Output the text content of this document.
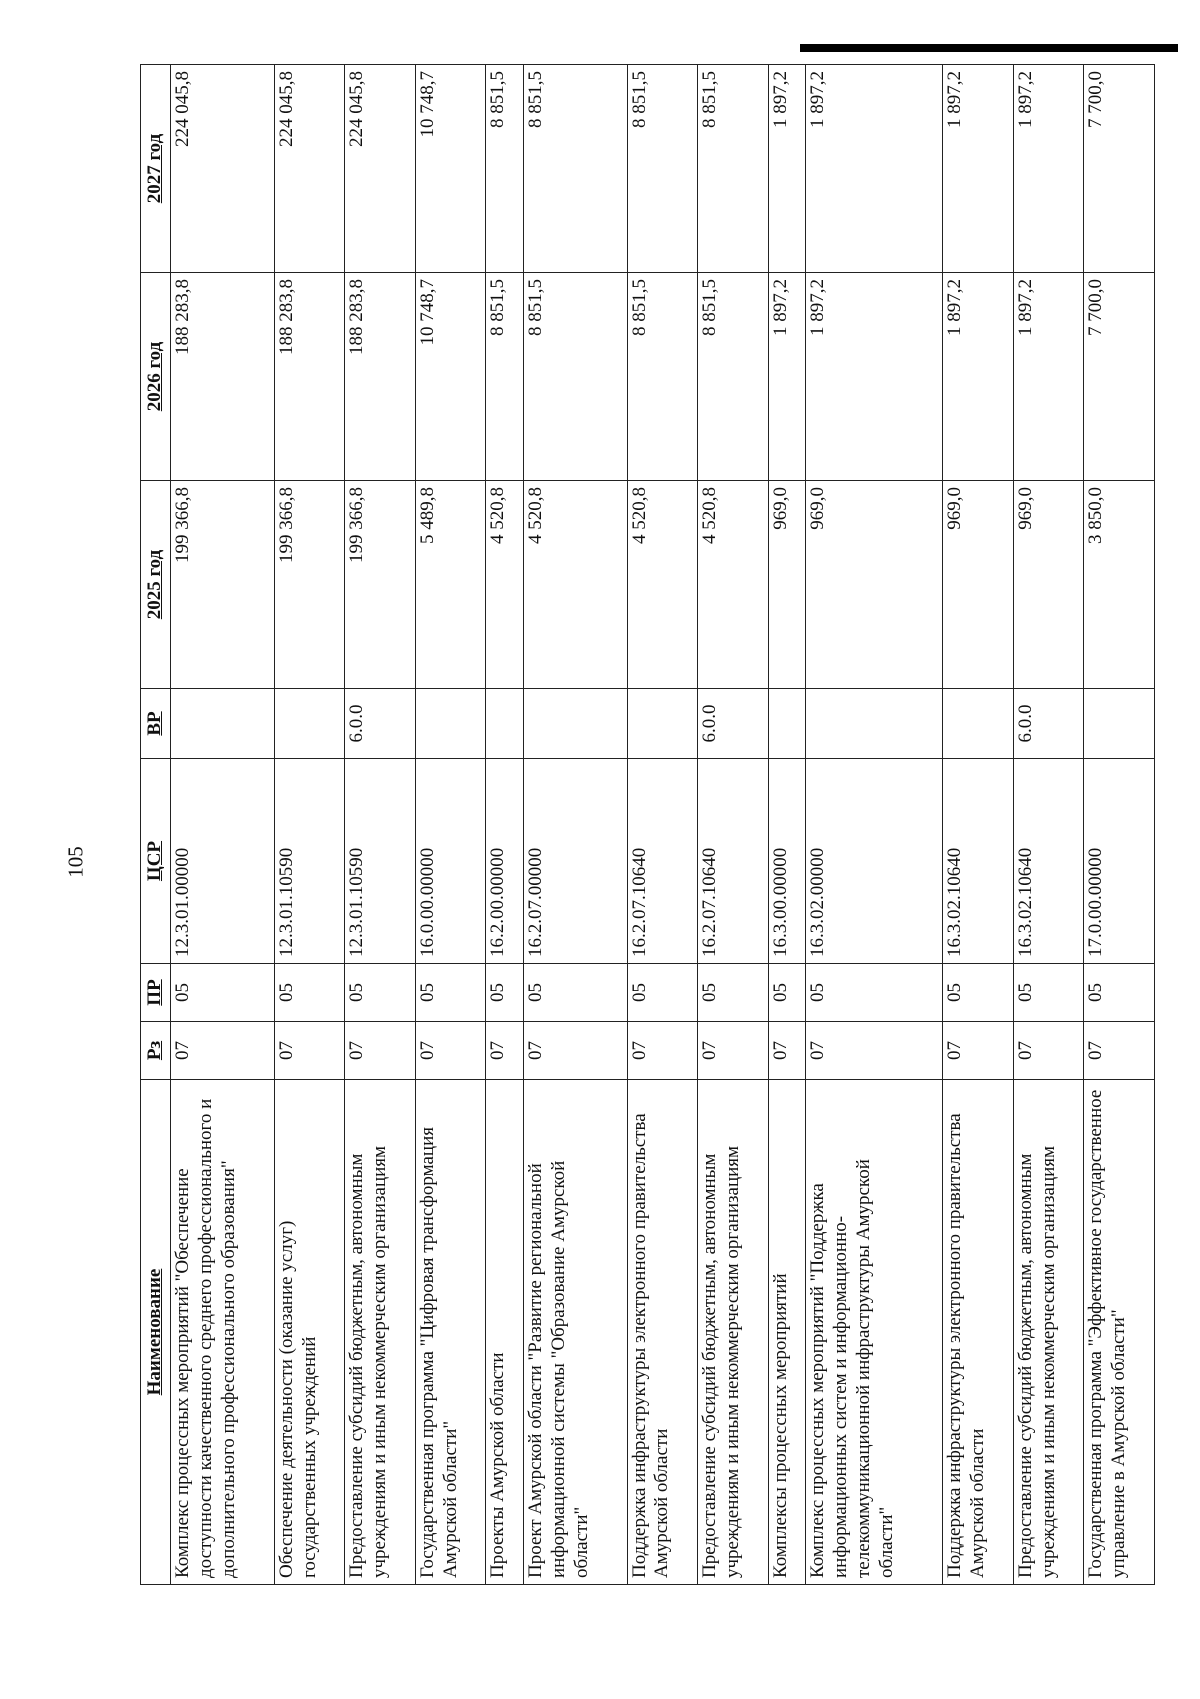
105
Наименование	Рз	ПР	ЦСР	ВР	2025 год	2026 год	2027 год
Комплекс процессных мероприятий "Обеспечение доступности качественного среднего профессионального и дополнительного профессионального образования"	07	05	12.3.01.00000		199 366,8	188 283,8	224 045,8
Обеспечение деятельности (оказание услуг) государственных учреждений	07	05	12.3.01.10590		199 366,8	188 283,8	224 045,8
Предоставление субсидий бюджетным, автономным учреждениям и иным некоммерческим организациям	07	05	12.3.01.10590	6.0.0	199 366,8	188 283,8	224 045,8
Государственная программа "Цифровая трансформация Амурской области"	07	05	16.0.00.00000		5 489,8	10 748,7	10 748,7
Проекты Амурской области	07	05	16.2.00.00000		4 520,8	8 851,5	8 851,5
Проект Амурской области "Развитие региональной информационной системы "Образование Амурской области"	07	05	16.2.07.00000		4 520,8	8 851,5	8 851,5
Поддержка инфраструктуры электронного правительства Амурской области	07	05	16.2.07.10640		4 520,8	8 851,5	8 851,5
Предоставление субсидий бюджетным, автономным учреждениям и иным некоммерческим организациям	07	05	16.2.07.10640	6.0.0	4 520,8	8 851,5	8 851,5
Комплексы процессных мероприятий	07	05	16.3.00.00000		969,0	1 897,2	1 897,2
Комплекс процессных мероприятий "Поддержка информационных систем и информационно-телекоммуникационной инфраструктуры Амурской области"	07	05	16.3.02.00000		969,0	1 897,2	1 897,2
Поддержка инфраструктуры электронного правительства Амурской области	07	05	16.3.02.10640		969,0	1 897,2	1 897,2
Предоставление субсидий бюджетным, автономным учреждениям и иным некоммерческим организациям	07	05	16.3.02.10640	6.0.0	969,0	1 897,2	1 897,2
Государственная программа "Эффективное государственное управление в Амурской области"	07	05	17.0.00.00000		3 850,0	7 700,0	7 700,0
